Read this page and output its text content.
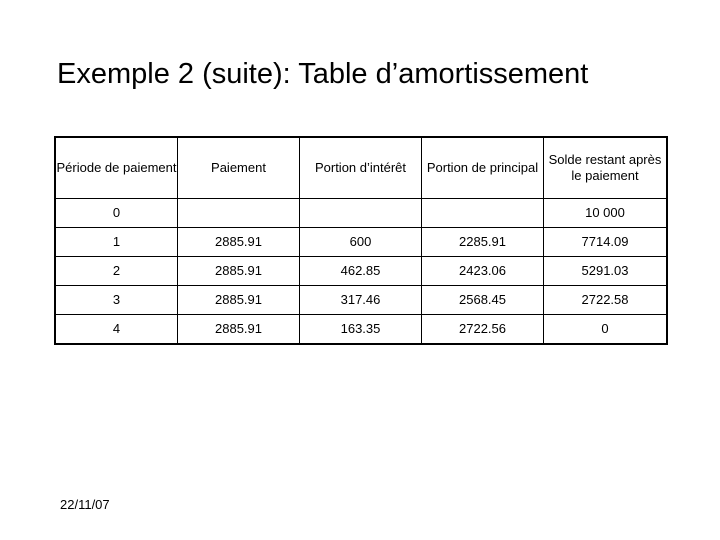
Exemple 2 (suite): Table d’amortissement
Période de paiement	Paiement	Portion d’intérêt	Portion de principal	Solde restant après le paiement
0				10 000
1	2885.91	600	2285.91	7714.09
2	2885.91	462.85	2423.06	5291.03
3	2885.91	317.46	2568.45	2722.58
4	2885.91	163.35	2722.56	0
22/11/07
